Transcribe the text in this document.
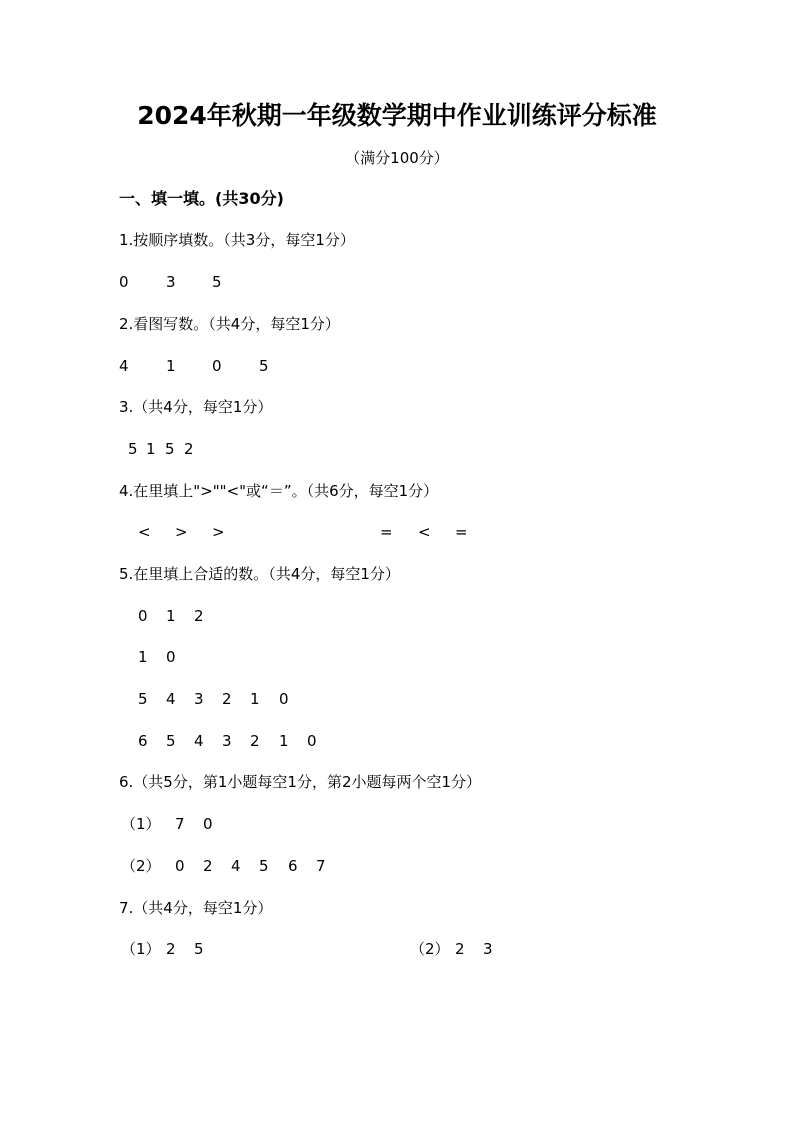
2024年秋期一年级数学期中作业训练评分标准
（满分100分）
一、填一填。(共30分)
1.按顺序填数。（共3分，每空1分）
0 3 5
2.看图写数。（共4分，每空1分）
4 1 0 5
3.（共4分，每空1分）
5 1 5 2
4.在里填上">""<"或“＝”。（共6分，每空1分）
< > >	= < =
5.在里填上合适的数。（共4分，每空1分）
0 1 2
1 0
5 4 3 2 1 0
6 5 4 3 2 1 0
6.（共5分，第1小题每空1分，第2小题每两个空1分）
（1） 7 0
（2） 0 2 4 5 6 7
7.（共4分，每空1分）
（1） 2 5	（2） 2 3
